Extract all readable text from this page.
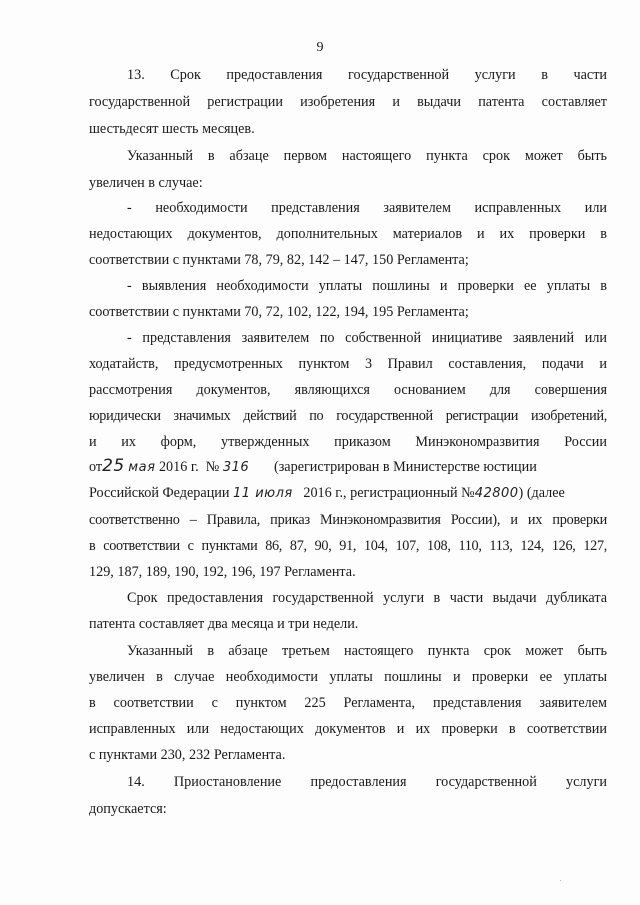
9
13. Срок предоставления государственной услуги в части
государственной регистрации изобретения и выдачи патента составляет
шестьдесят шесть месяцев.
Указанный в абзаце первом настоящего пункта срок может быть
увеличен в случае:
- необходимости представления заявителем исправленных или
недостающих документов, дополнительных материалов и их проверки в
соответствии с пунктами 78, 79, 82, 142 – 147, 150 Регламента;
- выявления необходимости уплаты пошлины и проверки ее уплаты в
соответствии с пунктами 70, 72, 102, 122, 194, 195 Регламента;
- представления заявителем по собственной инициативе заявлений или
ходатайств, предусмотренных пунктом 3 Правил составления, подачи и
рассмотрения документов, являющихся основанием для совершения
юридически значимых действий по государственной регистрации изобретений,
и их форм, утвержденных приказом Минэкономразвития России
от25 мая 2016 г. № 316 (зарегистрирован в Министерстве юстиции
Российской Федерации 11 июля 2016 г., регистрационный №42800) (далее
соответственно – Правила, приказ Минэкономразвития России), и их проверки
в соответствии с пунктами 86, 87, 90, 91, 104, 107, 108, 110, 113, 124, 126, 127,
129, 187, 189, 190, 192, 196, 197 Регламента.
Срок предоставления государственной услуги в части выдачи дубликата
патента составляет два месяца и три недели.
Указанный в абзаце третьем настоящего пункта срок может быть
увеличен в случае необходимости уплаты пошлины и проверки ее уплаты
в соответствии с пунктом 225 Регламента, представления заявителем
исправленных или недостающих документов и их проверки в соответствии
с пунктами 230, 232 Регламента.
14. Приостановление предоставления государственной услуги
допускается:
